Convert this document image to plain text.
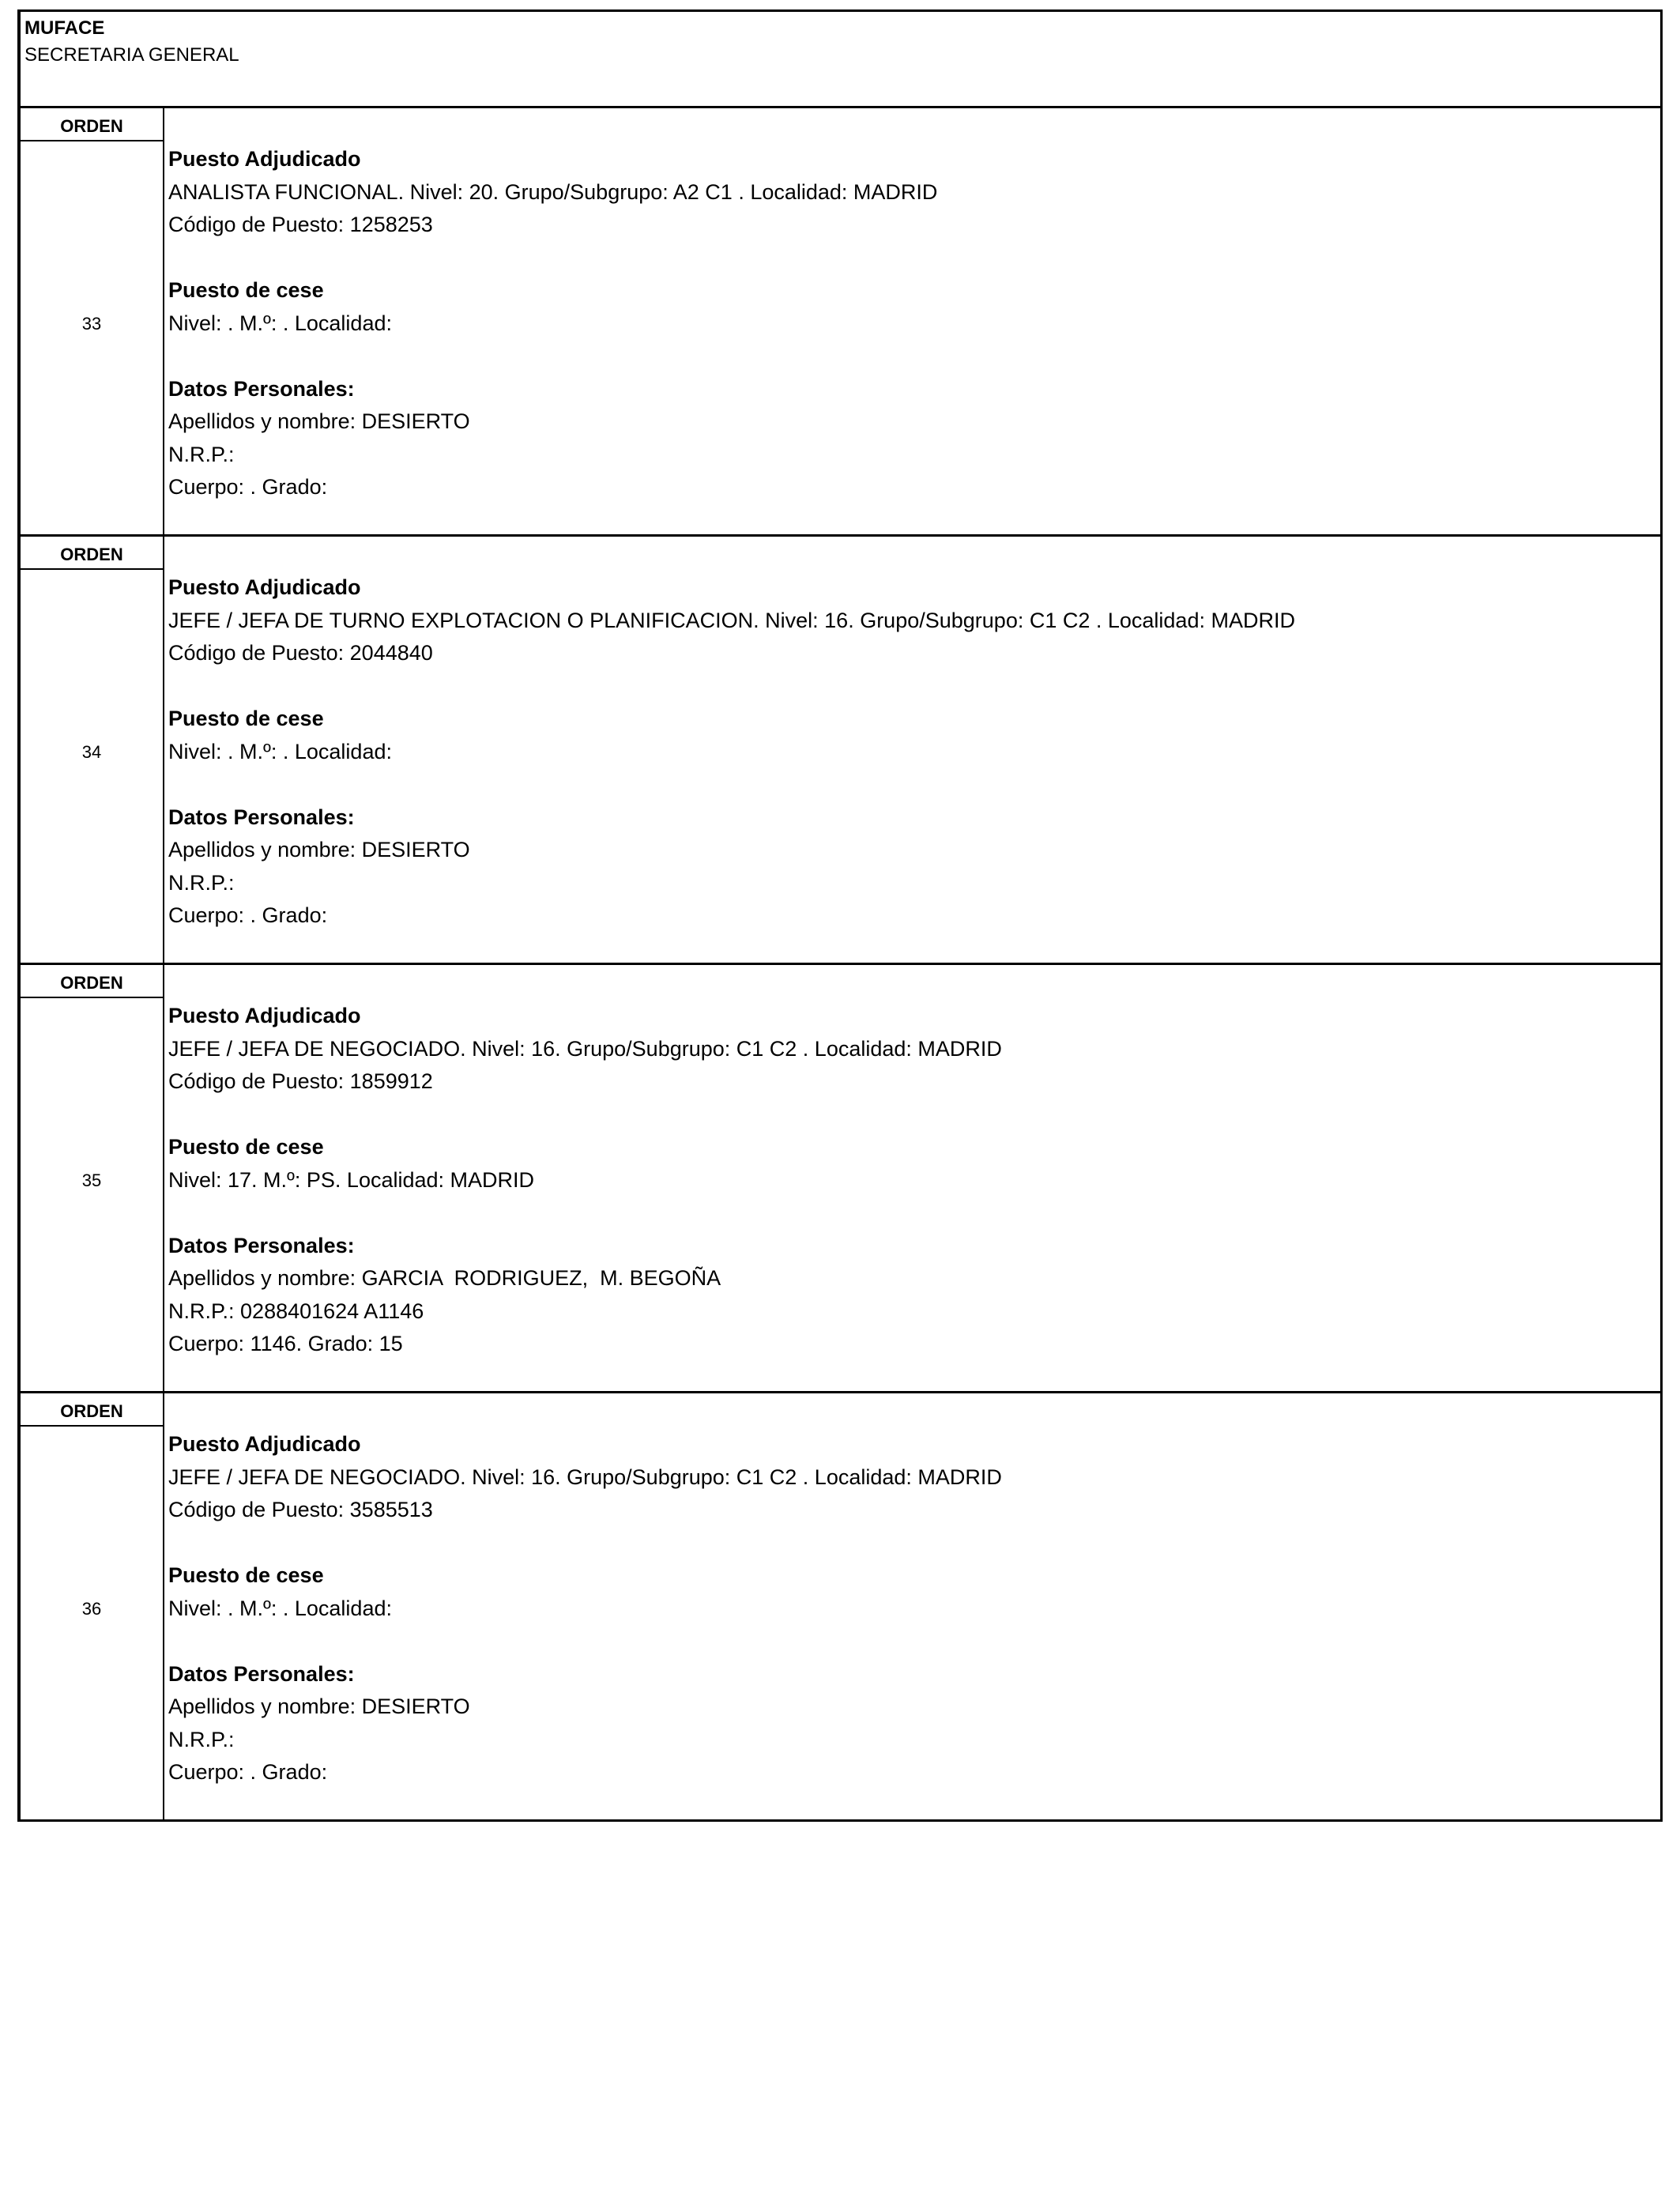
MUFACE
SECRETARIA GENERAL
ORDEN
33
Puesto Adjudicado
ANALISTA FUNCIONAL. Nivel: 20. Grupo/Subgrupo: A2 C1 . Localidad: MADRID
Código de Puesto: 1258253
Puesto de cese
Nivel: . M.º: . Localidad:
Datos Personales:
Apellidos y nombre: DESIERTO
N.R.P.:
Cuerpo: . Grado:
ORDEN
34
Puesto Adjudicado
JEFE / JEFA DE TURNO EXPLOTACION O PLANIFICACION. Nivel: 16. Grupo/Subgrupo: C1 C2 . Localidad: MADRID
Código de Puesto: 2044840
Puesto de cese
Nivel: . M.º: . Localidad:
Datos Personales:
Apellidos y nombre: DESIERTO
N.R.P.:
Cuerpo: . Grado:
ORDEN
35
Puesto Adjudicado
JEFE / JEFA DE NEGOCIADO. Nivel: 16. Grupo/Subgrupo: C1 C2 . Localidad: MADRID
Código de Puesto: 1859912
Puesto de cese
Nivel: 17. M.º: PS. Localidad: MADRID
Datos Personales:
Apellidos y nombre: GARCIA  RODRIGUEZ,  M. BEGOÑA
N.R.P.: 0288401624 A1146
Cuerpo: 1146. Grado: 15
ORDEN
36
Puesto Adjudicado
JEFE / JEFA DE NEGOCIADO. Nivel: 16. Grupo/Subgrupo: C1 C2 . Localidad: MADRID
Código de Puesto: 3585513
Puesto de cese
Nivel: . M.º: . Localidad:
Datos Personales:
Apellidos y nombre: DESIERTO
N.R.P.:
Cuerpo: . Grado:
